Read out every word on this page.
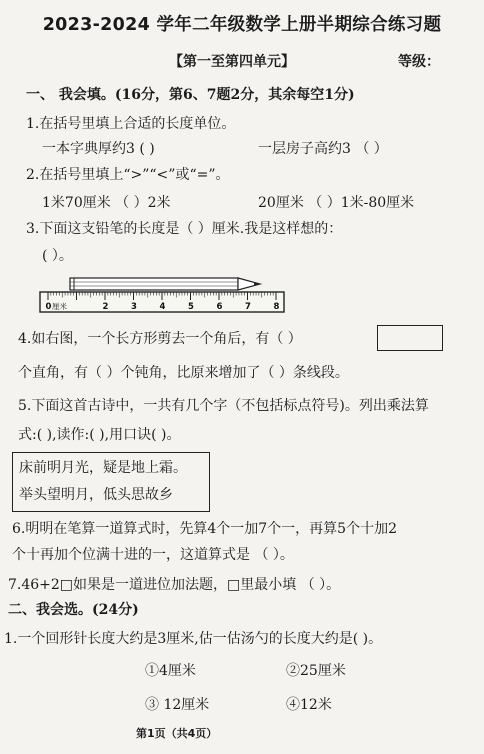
2023-2024 学年二年级数学上册半期综合练习题
【第一至第四单元】	等级：
一、 我会填。(16分，第6、7题2分，其余每空1分)
1.在括号里填上合适的长度单位。
一本字典厚约3 ( )	一层房子高约3 （ ）
2.在括号里填上“>”“<”或“=”。
1米70厘米 （ ）2米	20厘米 （ ）1米-80厘米
3.下面这支铅笔的长度是（ ）厘米.我是这样想的：
( ）。
0	2	3	4	5	6	7	8
厘米
4.如右图，一个长方形剪去一个角后，有（ ）
个直角，有（ ）个钝角，比原来增加了（ ）条线段。
5.下面这首古诗中，一共有几个字（不包括标点符号)。列出乘法算
式:( ),读作:( ),用口诀( )。
床前明月光，疑是地上霜。
举头望明月，低头思故乡
6.明明在笔算一道算式时，先算4个一加7个一，再算5个十加2
个十再加个位满十进的一，这道算式是 （ ）。
7.46+2□如果是一道进位加法题，□里最小填 （ ）。
二、我会选。(24分)
1.一个回形针长度大约是3厘米,估一估汤勺的长度大约是( )。
①4厘米	②25厘米
③ 12厘米	④12米
第1页（共4页）
